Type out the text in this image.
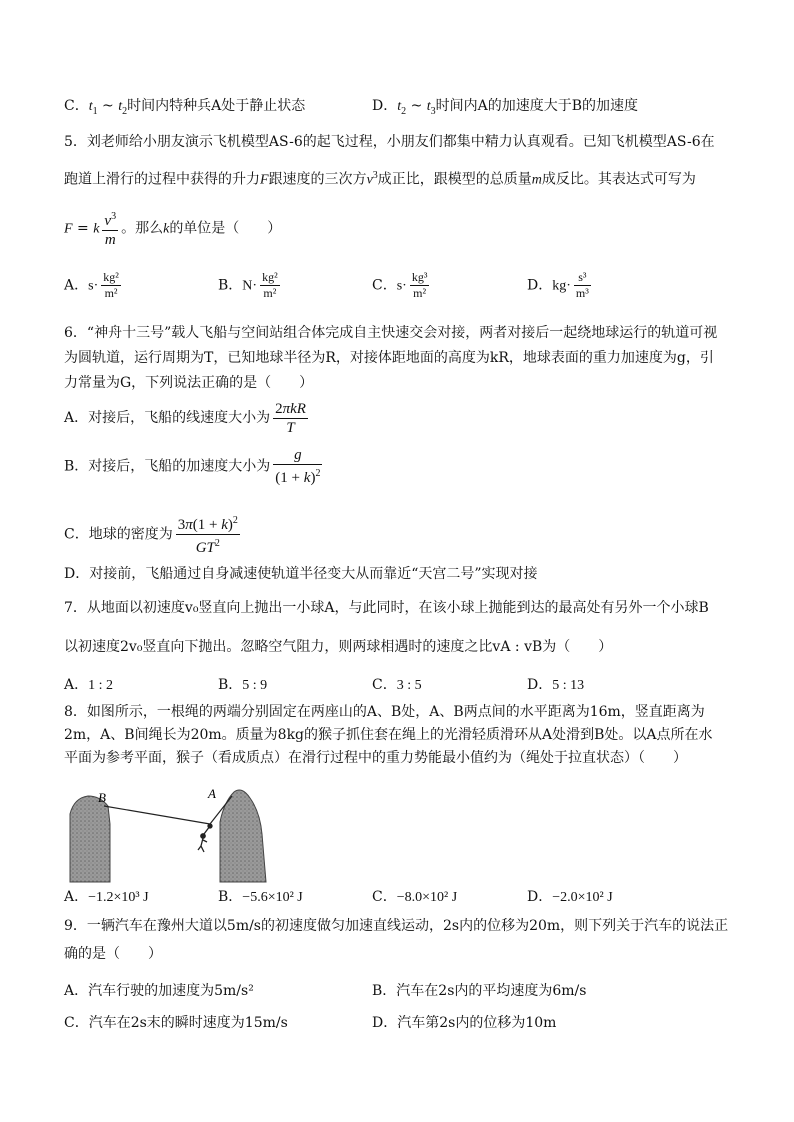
C．$t_1$ ~ $t_2$时间内特种兵A处于静止状态	D．$t_2$ ~ $t_3$时间内A的加速度大于B的加速度
5．刘老师给小朋友演示飞机模型AS-6的起飞过程，小朋友们都集中精力认真观看。已知飞机模型AS-6在
跑道上滑行的过程中获得的升力F跟速度的三次方$v^3$成正比，跟模型的总质量m成反比。其表达式可写为
F = k $\frac{v^3}{m}$ 。那么k的单位是（　　）
A．$s\cdot \frac{\text{kg²}}{\text{m²}}$	B．$N\cdot \frac{\text{kg²}}{\text{m²}}$	C．$s\cdot \frac{\text{kg³}}{\text{m²}}$	D．$kg\cdot \frac{\text{s³}}{\text{m³}}$
6．“神舟十三号”载人飞船与空间站组合体完成自主快速交会对接，两者对接后一起绕地球运行的轨道可视
为圆轨道，运行周期为T，已知地球半径为R，对接体距地面的高度为kR，地球表面的重力加速度为g，引
力常量为G，下列说法正确的是（　　）
A．对接后，飞船的线速度大小为 $\frac{\text{2πkR}}{T}$
B．对接后，飞船的加速度大小为 $\frac{g}{(1 + k)^2}$
C．地球的密度为 $\frac{3\pi(1 + k)^2}{GT^2}$
D．对接前，飞船通过自身减速使轨道半径变大从而靠近“天宫二号”实现对接
7．从地面以初速度v₀竖直向上抛出一小球A，与此同时，在该小球上抛能到达的最高处有另外一个小球B
以初速度2v₀竖直向下抛出。忽略空气阻力，则两球相遇时的速度之比vA : vB为（　　）
A．1 : 2	B．5 : 9	C．3 : 5	D．5 : 13
8．如图所示，一根绳的两端分别固定在两座山的A、B处，A、B两点间的水平距离为16m，竖直距离为
2m，A、B间绳长为20m。质量为8kg的猴子抓住套在绳上的光滑轻质滑环从A处滑到B处。以A点所在水
平面为参考平面，猴子（看成质点）在滑行过程中的重力势能最小值约为（绳处于拉直状态）（　　）
B	A
A．−1.2×10³ J	B．−5.6×10² J	C．−8.0×10² J	D．−2.0×10² J
9．一辆汽车在豫州大道以5m/s的初速度做匀加速直线运动，2s内的位移为20m，则下列关于汽车的说法正
确的是（　　）
A．汽车行驶的加速度为5m/s²	B．汽车在2s内的平均速度为6m/s
C．汽车在2s末的瞬时速度为15m/s	D．汽车第2s内的位移为10m
